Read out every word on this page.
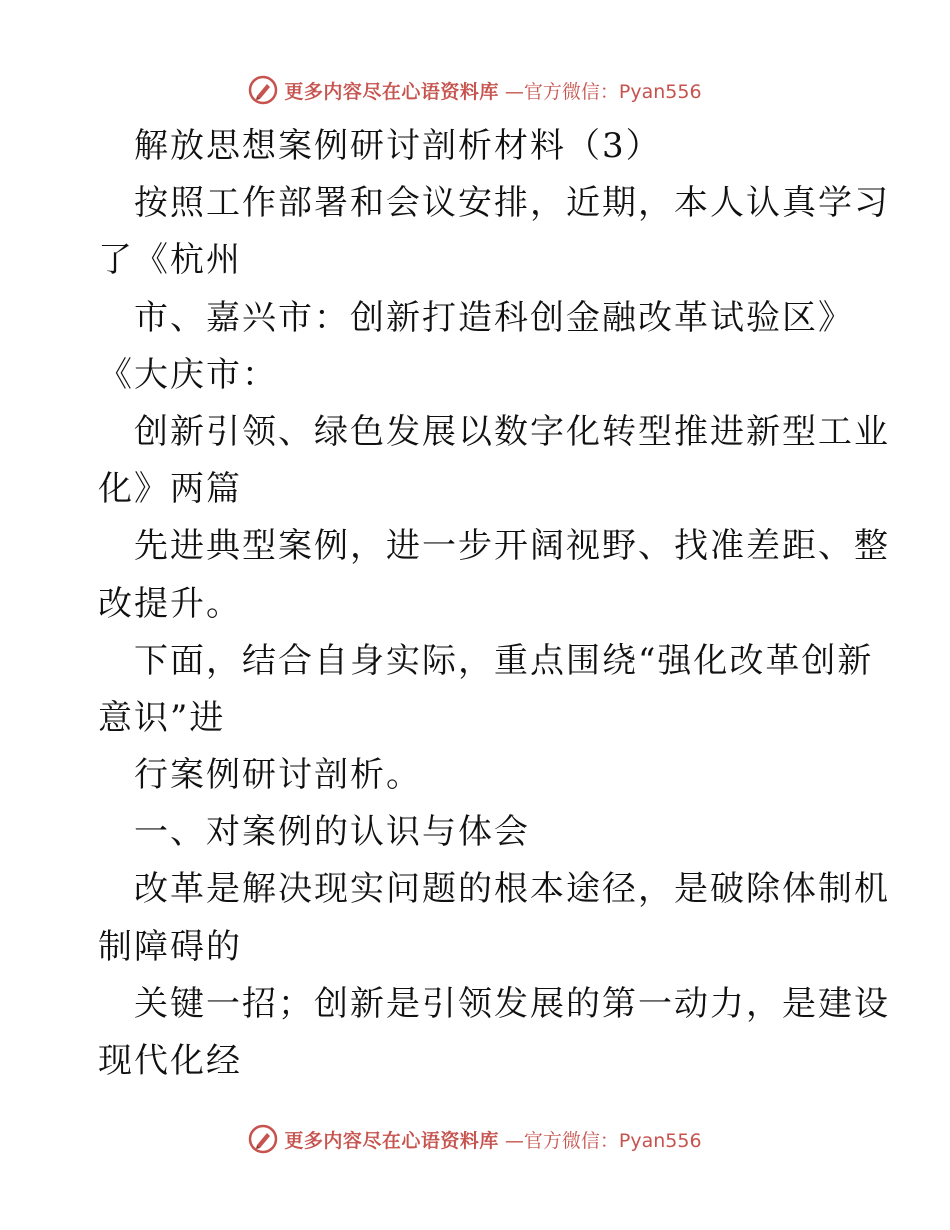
更多内容尽在心语资料库 —官方微信：Pyan556
解放思想案例研讨剖析材料（3）
按照工作部署和会议安排，近期，本人认真学习
了《杭州
市、嘉兴市：创新打造科创金融改革试验区》
《大庆市：
创新引领、绿色发展以数字化转型推进新型工业
化》两篇
先进典型案例，进一步开阔视野、找准差距、整
改提升。
下面，结合自身实际，重点围绕“强化改革创新
意识”进
行案例研讨剖析。
一、对案例的认识与体会
改革是解决现实问题的根本途径，是破除体制机
制障碍的
关键一招；创新是引领发展的第一动力，是建设
现代化经
更多内容尽在心语资料库 —官方微信：Pyan556
